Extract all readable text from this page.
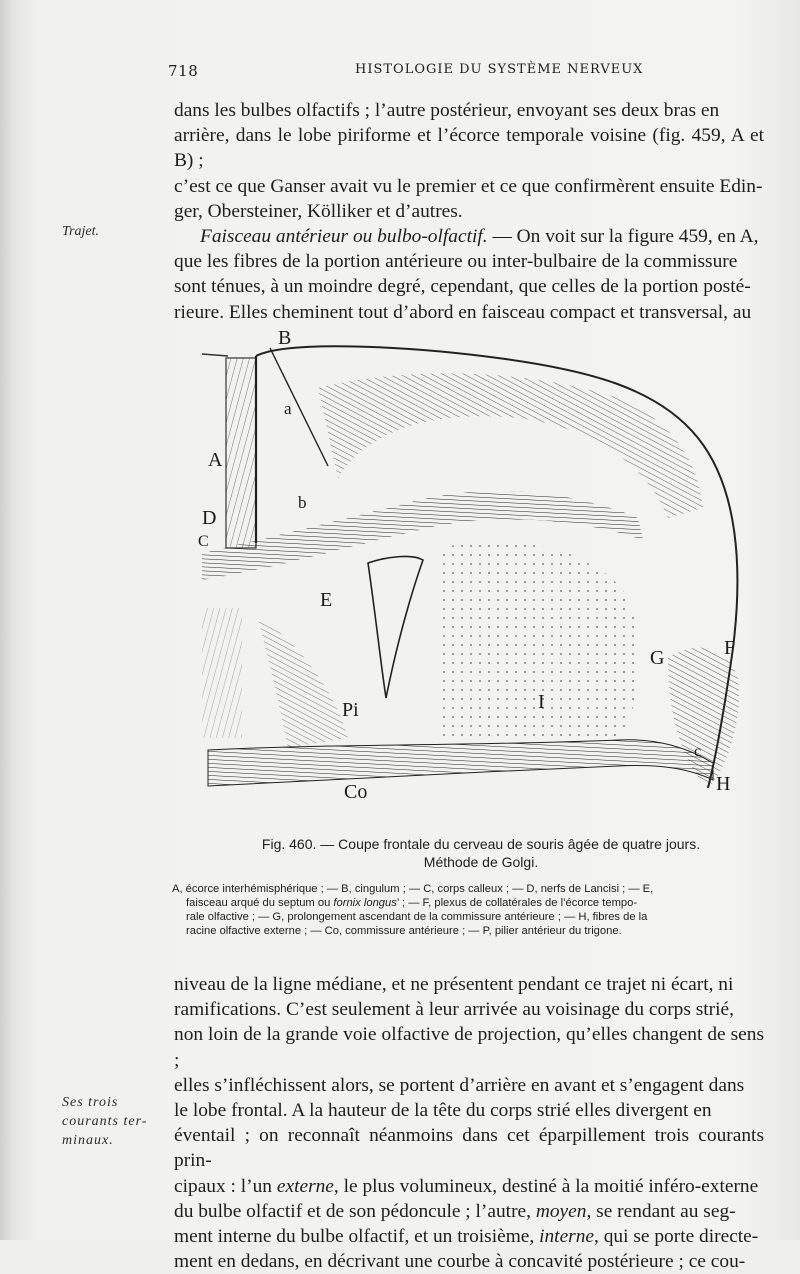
718	HISTOLOGIE DU SYSTÈME NERVEUX
Trajet.

dans les bulbes olfactifs ; l’autre postérieur, envoyant ses deux bras en

arrière, dans le lobe piriforme et l’écorce temporale voisine (fig. 459, A et B) ;

c’est ce que Ganser avait vu le premier et ce que confirmèrent ensuite Edin-

ger, Obersteiner, Kölliker et d’autres.

Faisceau antérieur ou bulbo-olfactif. — On voit sur la figure 459, en A,

que les fibres de la portion antérieure ou inter-bulbaire de la commissure

sont ténues, à un moindre degré, cependant, que celles de la portion posté-

rieure. Elles cheminent tout d’abord en faisceau compact et transversal, au

B
a
A
b
D
C
E
F
G
Pi	I
c
H
Co
Fig. 460. — Coupe frontale du cerveau de souris âgée de quatre jours.
Méthode de Golgi.
A, écorce interhémisphérique ; — B, cingulum ; — C, corps calleux ; — D, nerfs de Lancisi ; — E,
faisceau arqué du septum ou fornix longus’ ; — F, plexus de collatérales de l’écorce tempo-
rale olfactive ; — G, prolongement ascendant de la commissure antérieure ; — H, fibres de la
racine olfactive externe ; — Co, commissure antérieure ; — P, pilier antérieur du trigone.
Ses trois
courants ter-
minaux.

niveau de la ligne médiane, et ne présentent pendant ce trajet ni écart, ni

ramifications. C’est seulement à leur arrivée au voisinage du corps strié,

non loin de la grande voie olfactive de projection, qu’elles changent de sens ;

elles s’infléchissent alors, se portent d’arrière en avant et s’engagent dans

le lobe frontal. A la hauteur de la tête du corps strié elles divergent en

éventail ; on reconnaît néanmoins dans cet éparpillement trois courants prin-

cipaux : l’un externe, le plus volumineux, destiné à la moitié inféro-externe

du bulbe olfactif et de son pédoncule ; l’autre, moyen, se rendant au seg-

ment interne du bulbe olfactif, et un troisième, interne, qui se porte directe-

ment en dedans, en décrivant une courbe à concavité postérieure ; ce cou-
